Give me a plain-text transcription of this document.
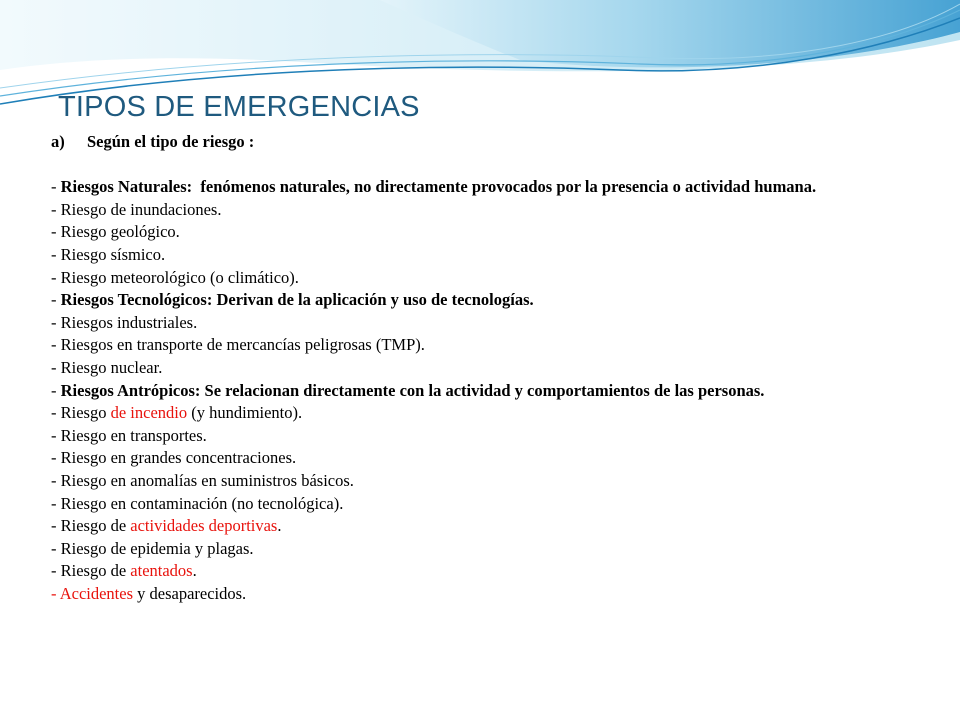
TIPOS DE EMERGENCIAS
a) Según el tipo de riesgo :
- Riesgos Naturales: fenómenos naturales, no directamente provocados por la presencia o actividad humana.
- Riesgo de inundaciones.
- Riesgo geológico.
- Riesgo sísmico.
- Riesgo meteorológico (o climático).
- Riesgos Tecnológicos: Derivan de la aplicación y uso de tecnologías.
- Riesgos industriales.
- Riesgos en transporte de mercancías peligrosas (TMP).
- Riesgo nuclear.
- Riesgos Antrópicos: Se relacionan directamente con la actividad y comportamientos de las personas.
- Riesgo de incendio (y hundimiento).
- Riesgo en transportes.
- Riesgo en grandes concentraciones.
- Riesgo en anomalías en suministros básicos.
- Riesgo en contaminación (no tecnológica).
- Riesgo de actividades deportivas.
- Riesgo de epidemia y plagas.
- Riesgo de atentados.
- Accidentes y desaparecidos.
